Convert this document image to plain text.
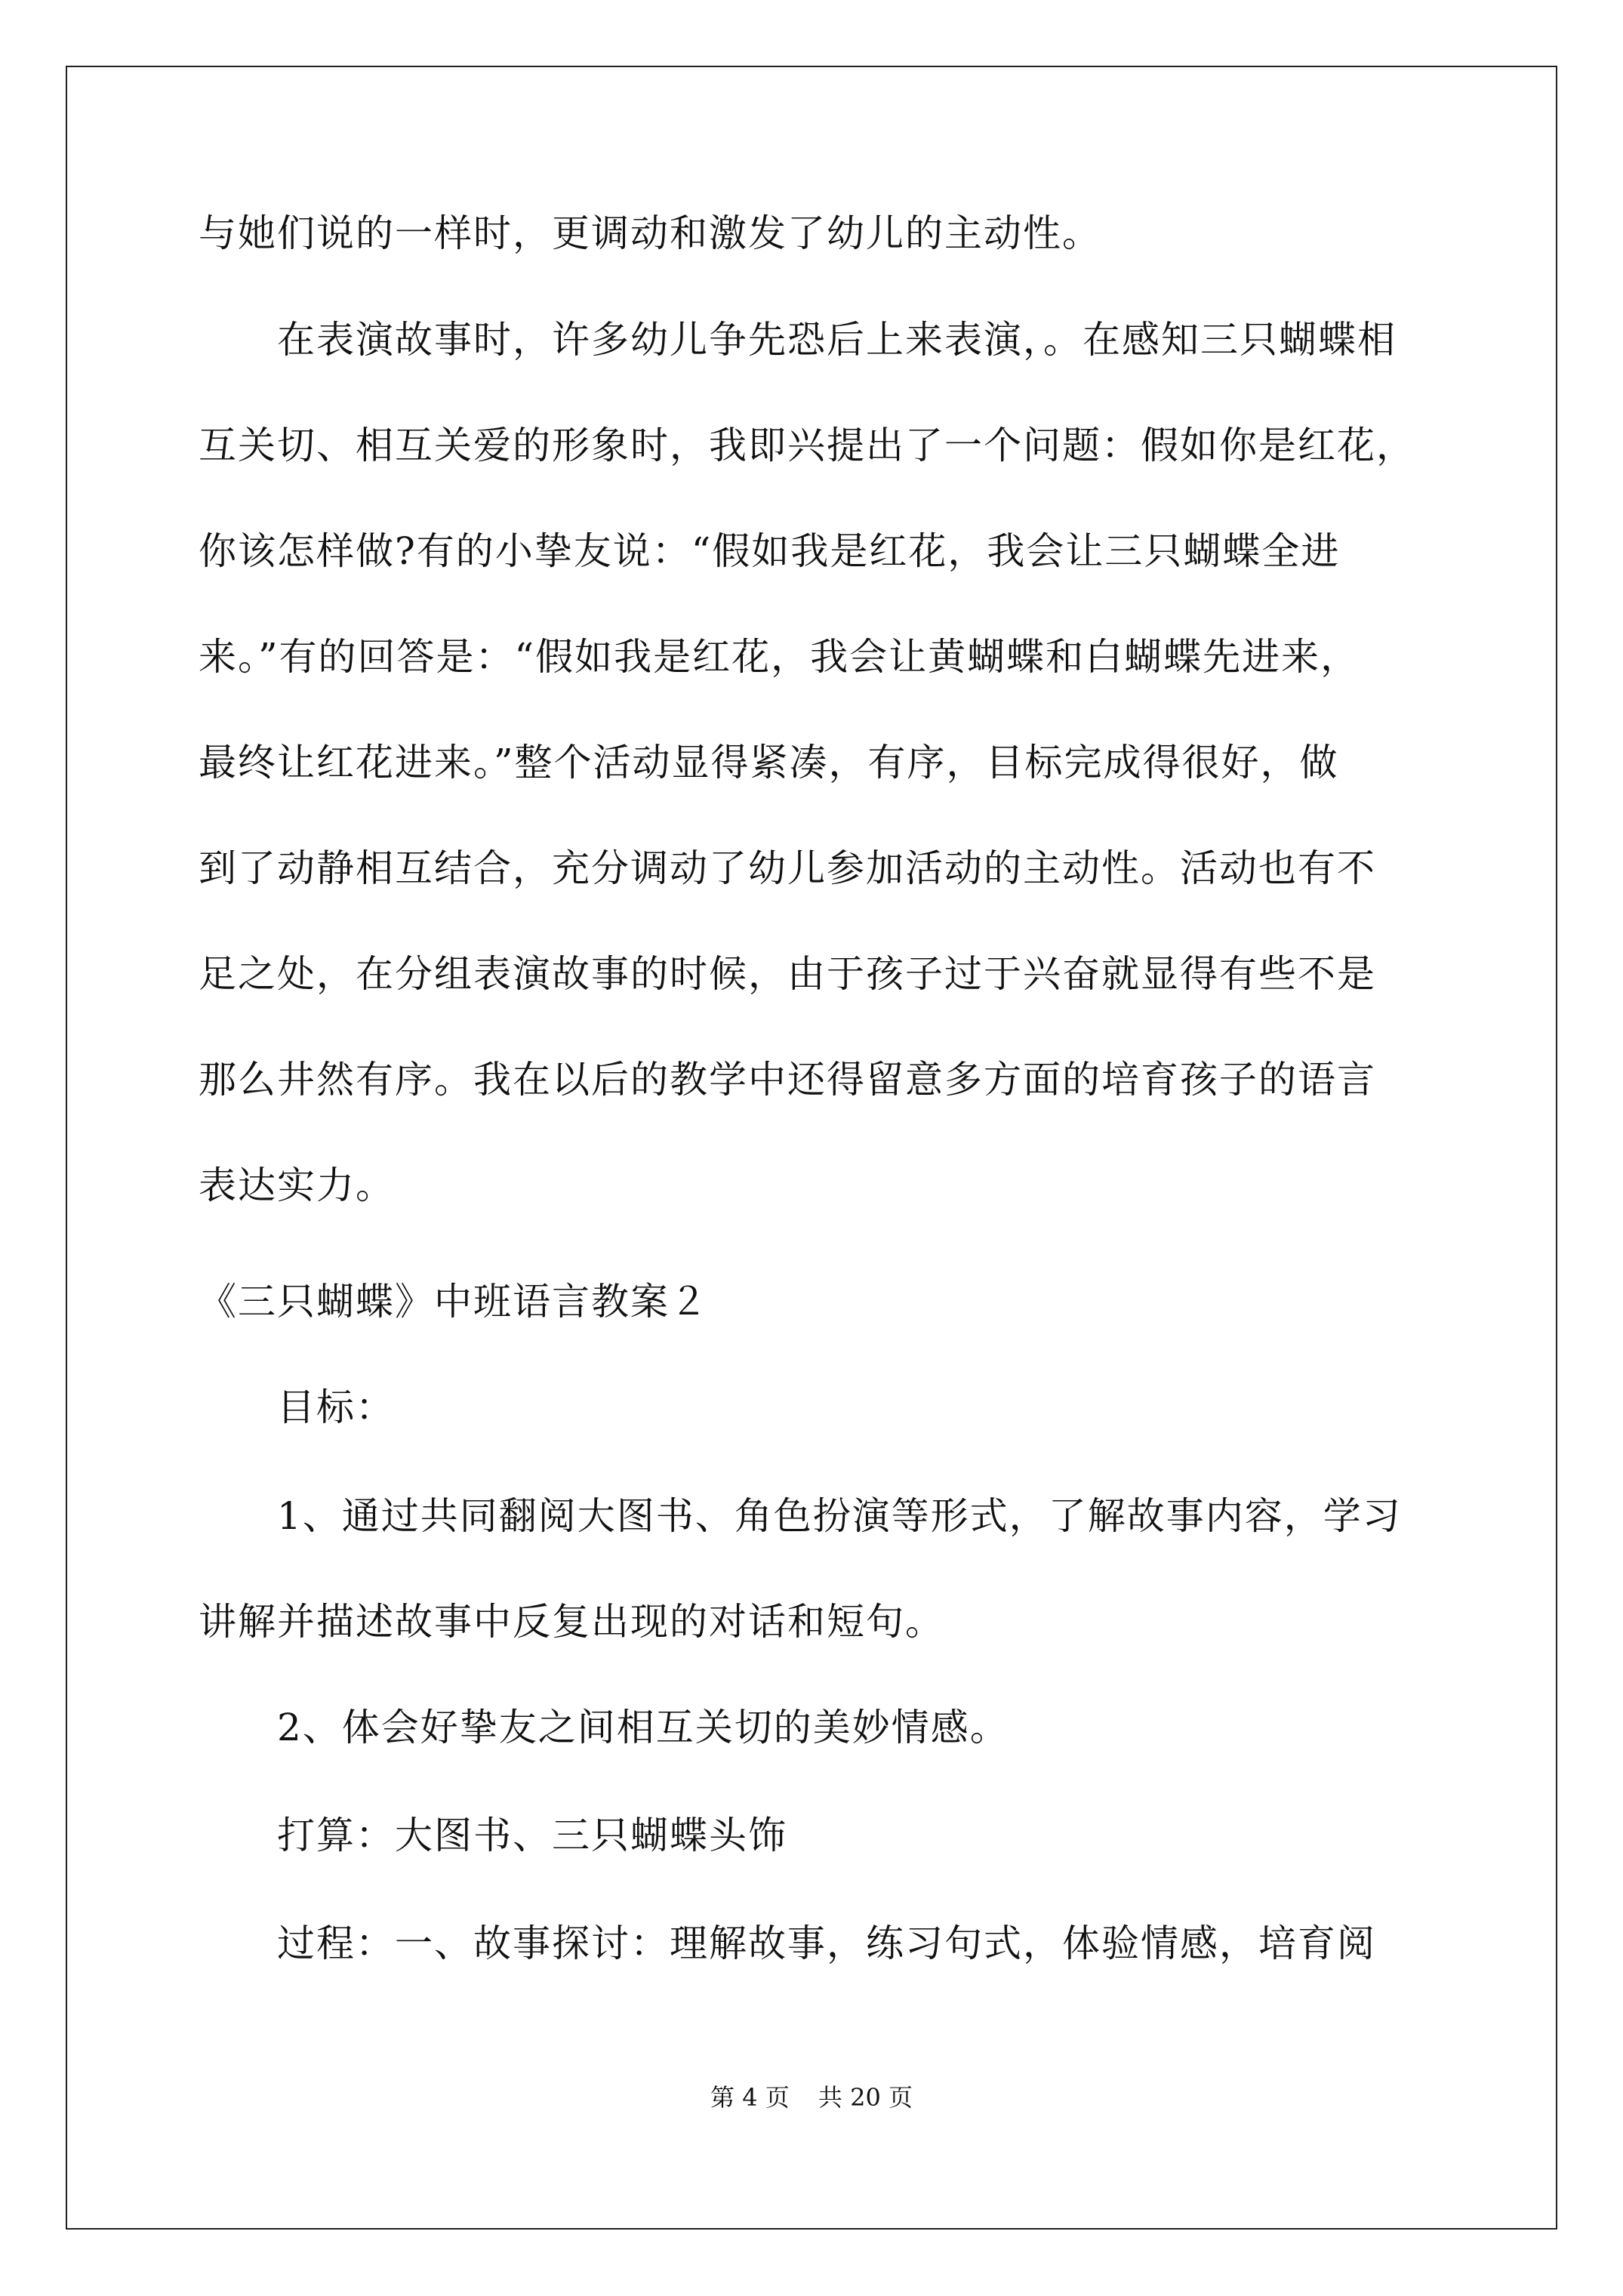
与她们说的一样时，更调动和激发了幼儿的主动性。
在表演故事时，许多幼儿争先恐后上来表演，。在感知三只蝴蝶相
互关切、相互关爱的形象时，我即兴提出了一个问题：假如你是红花，
你该怎样做?有的小挚友说：“假如我是红花，我会让三只蝴蝶全进
来。”有的回答是：“假如我是红花，我会让黄蝴蝶和白蝴蝶先进来，
最终让红花进来。”整个活动显得紧凑，有序，目标完成得很好，做
到了动静相互结合，充分调动了幼儿参加活动的主动性。活动也有不
足之处，在分组表演故事的时候，由于孩子过于兴奋就显得有些不是
那么井然有序。我在以后的教学中还得留意多方面的培育孩子的语言
表达实力。
《三只蝴蝶》中班语言教案２
目标：
1、通过共同翻阅大图书、角色扮演等形式，了解故事内容，学习
讲解并描述故事中反复出现的对话和短句。
2、体会好挚友之间相互关切的美妙情感。
打算：大图书、三只蝴蝶头饰
过程：一、故事探讨：理解故事，练习句式，体验情感，培育阅
第 4 页 共 20 页
